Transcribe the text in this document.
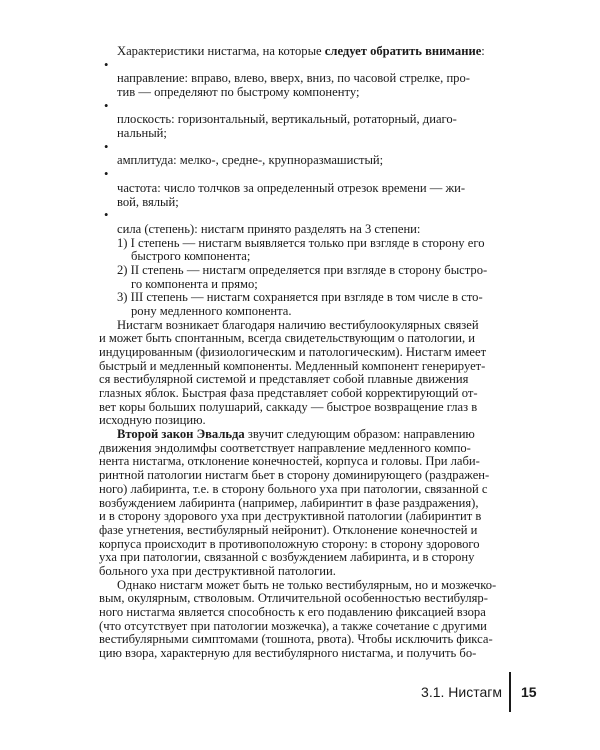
Характеристики нистагма, на которые следует обратить внимание:
•
направление: вправо, влево, вверх, вниз, по часовой стрелке, про-
тив — определяют по быстрому компоненту;
•
плоскость: горизонтальный, вертикальный, ротаторный, диаго-
нальный;
•
амплитуда: мелко-, средне-, крупноразмашистый;
•
частота: число толчков за определенный отрезок времени — жи-
вой, вялый;
•
сила (степень): нистагм принято разделять на 3 степени:
1) I степень — нистагм выявляется только при взгляде в сторону его
быстрого компонента;
2) II степень — нистагм определяется при взгляде в сторону быстро-
го компонента и прямо;
3) III степень — нистагм сохраняется при взгляде в том числе в сто-
рону медленного компонента.
Нистагм возникает благодаря наличию вестибулоокулярных связей
и может быть спонтанным, всегда свидетельствующим о патологии, и
индуцированным (физиологическим и патологическим). Нистагм имеет
быстрый и медленный компоненты. Медленный компонент генерирует-
ся вестибулярной системой и представляет собой плавные движения
глазных яблок. Быстрая фаза представляет собой корректирующий от-
вет коры больших полушарий, саккаду — быстрое возвращение глаз в
исходную позицию.
Второй закон Эвальда звучит следующим образом: направлению
движения эндолимфы соответствует направление медленного компо-
нента нистагма, отклонение конечностей, корпуса и головы. При лаби-
ринтной патологии нистагм бьет в сторону доминирующего (раздражен-
ного) лабиринта, т.е. в сторону больного уха при патологии, связанной с
возбуждением лабиринта (например, лабиринтит в фазе раздражения),
и в сторону здорового уха при деструктивной патологии (лабиринтит в
фазе угнетения, вестибулярный нейронит). Отклонение конечностей и
корпуса происходит в противоположную сторону: в сторону здорового
уха при патологии, связанной с возбуждением лабиринта, и в сторону
больного уха при деструктивной патологии.
Однако нистагм может быть не только вестибулярным, но и мозжечко-
вым, окулярным, стволовым. Отличительной особенностью вестибуляр-
ного нистагма является способность к его подавлению фиксацией взора
(что отсутствует при патологии мозжечка), а также сочетание с другими
вестибулярными симптомами (тошнота, рвота). Чтобы исключить фикса-
цию взора, характерную для вестибулярного нистагма, и получить бо-
3.1. Нистагм 15
